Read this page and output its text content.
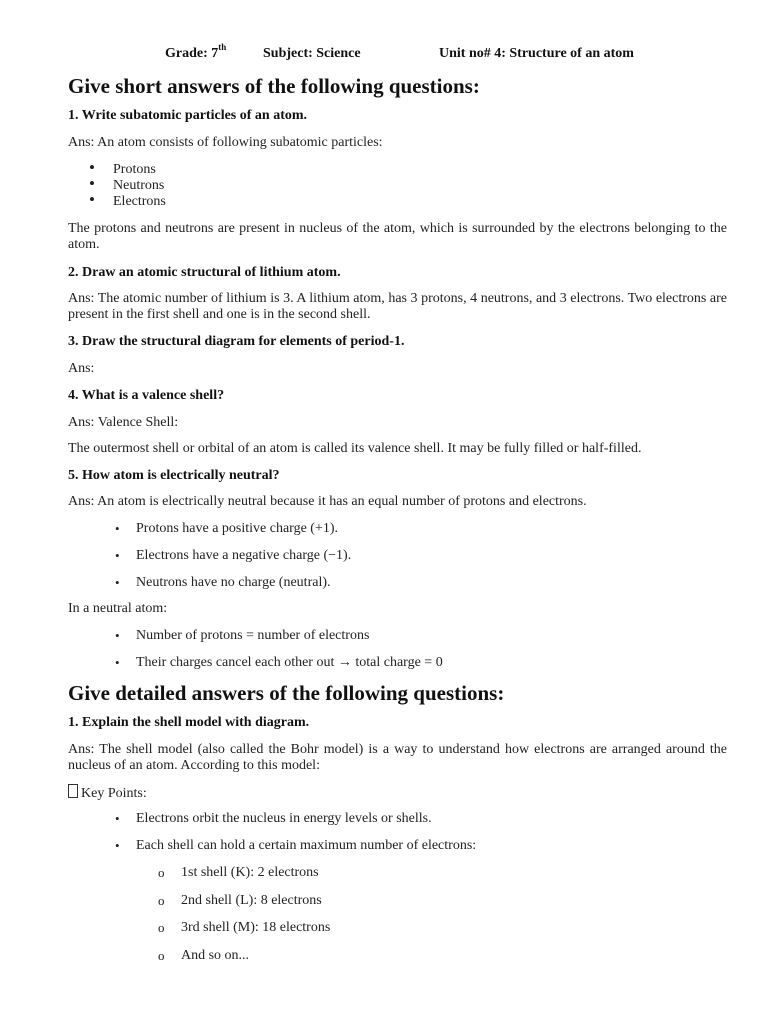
Grade: 7th	Subject: Science	Unit no# 4: Structure of an atom
Give short answers of the following questions:
1. Write subatomic particles of an atom.
Ans: An atom consists of following subatomic particles:
•
Protons
•
Neutrons
•
Electrons
The protons and neutrons are present in nucleus of the atom, which is surrounded by the electrons belonging to the
atom.
2. Draw an atomic structural of lithium atom.
Ans: The atomic number of lithium is 3. A lithium atom, has 3 protons, 4 neutrons, and 3 electrons. Two electrons are
present in the first shell and one is in the second shell.
3. Draw the structural diagram for elements of period-1.
Ans:
4. What is a valence shell?
Ans: Valence Shell:
The outermost shell or orbital of an atom is called its valence shell. It may be fully filled or half-filled.
5. How atom is electrically neutral?
Ans: An atom is electrically neutral because it has an equal number of protons and electrons.
•
Protons have a positive charge (+1).
•
Electrons have a negative charge (−1).
•
Neutrons have no charge (neutral).
In a neutral atom:
•
Number of protons = number of electrons
•
Their charges cancel each other out → total charge = 0
Give detailed answers of the following questions:
1. Explain the shell model with diagram.
Ans: The shell model (also called the Bohr model) is a way to understand how electrons are arranged around the
nucleus of an atom. According to this model:
Key Points:
•
Electrons orbit the nucleus in energy levels or shells.
•
Each shell can hold a certain maximum number of electrons:
o
1st shell (K): 2 electrons
o
2nd shell (L): 8 electrons
o
3rd shell (M): 18 electrons
o
And so on...
